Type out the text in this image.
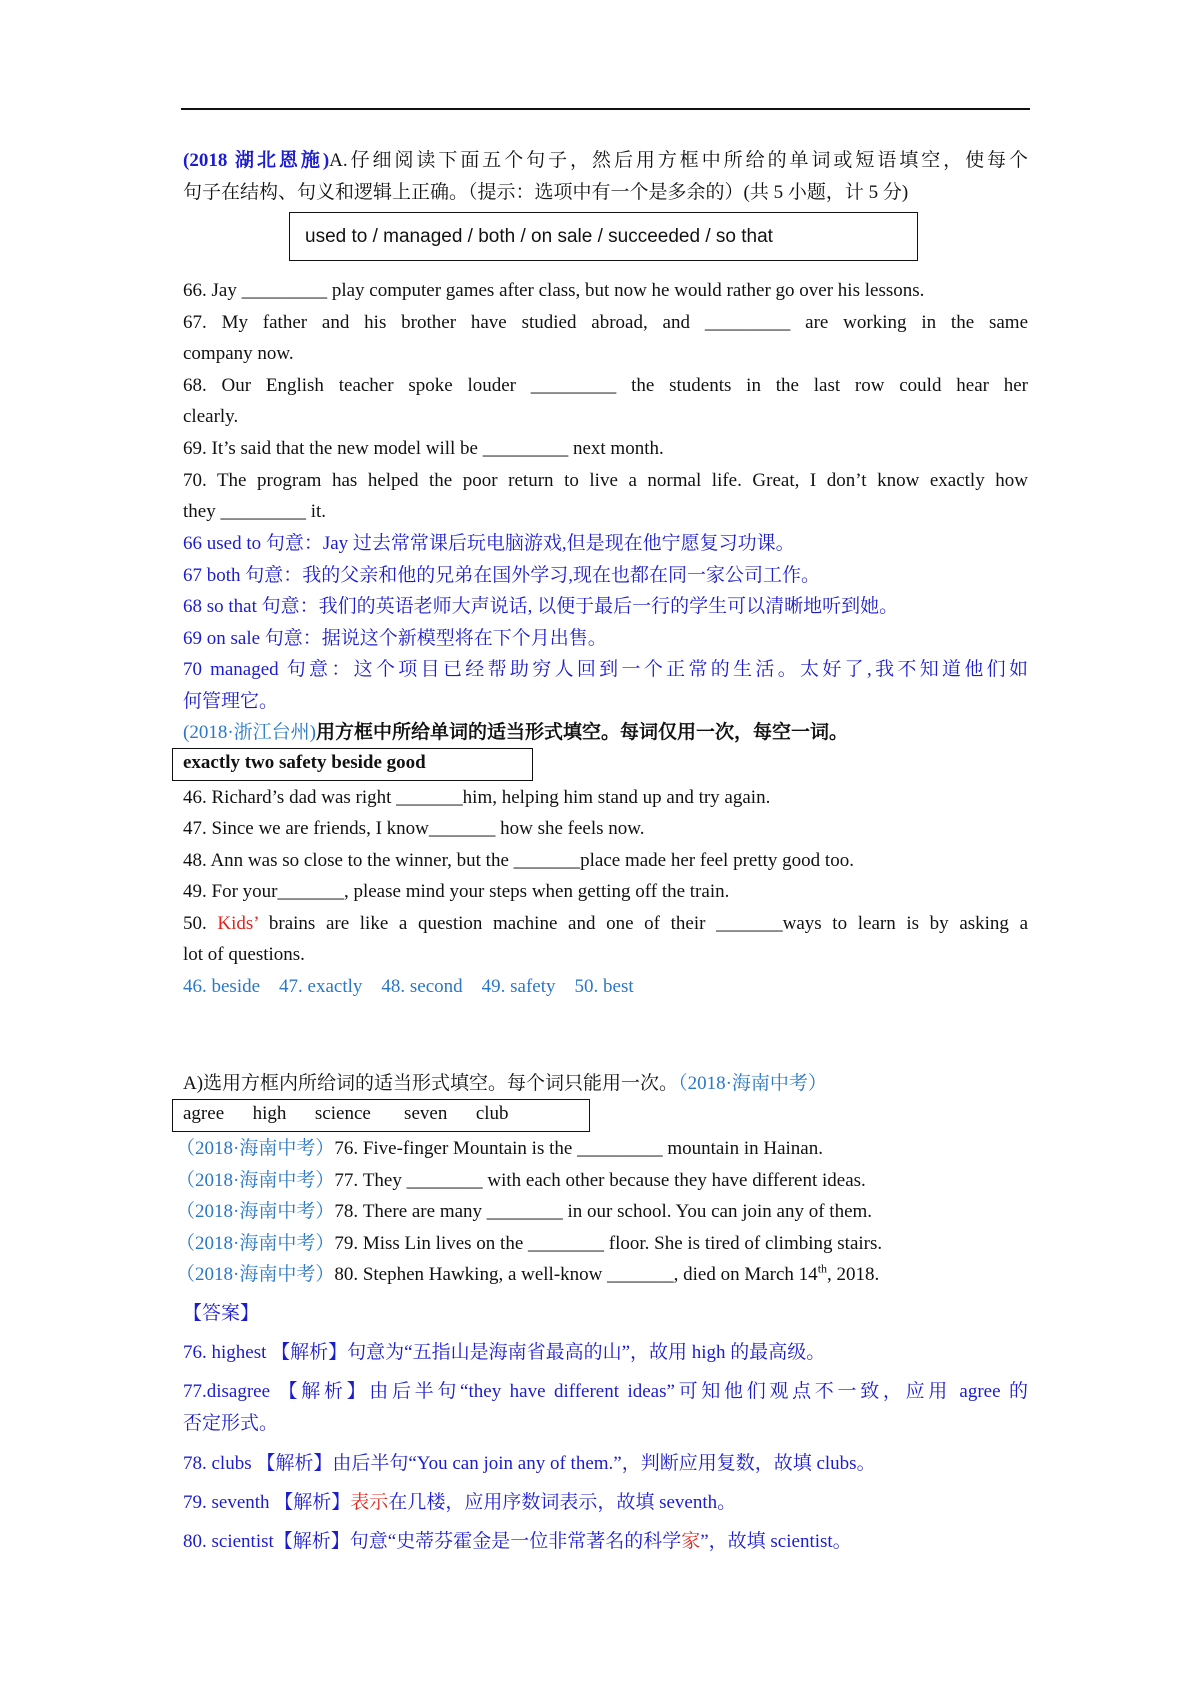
(2018 湖北恩施)A.仔细阅读下面五个句子，然后用方框中所给的单词或短语填空，使每个
句子在结构、句义和逻辑上正确。（提示：选项中有一个是多余的）(共 5 小题，计 5 分)
used to / managed / both / on sale / succeeded / so that
66. Jay _________ play computer games after class, but now he would rather go over his lessons.
67. My father and his brother have studied abroad, and _________ are working in the same
company now.
68. Our English teacher spoke louder _________ the students in the last row could hear her
clearly.
69. It’s said that the new model will be _________ next month.
70. The program has helped the poor return to live a normal life. Great, I don’t know exactly how
they _________ it.
66 used to 句意：Jay 过去常常课后玩电脑游戏,但是现在他宁愿复习功课。
67 both 句意：我的父亲和他的兄弟在国外学习,现在也都在同一家公司工作。
68 so that 句意：我们的英语老师大声说话, 以便于最后一行的学生可以清晰地听到她。
69 on sale 句意：据说这个新模型将在下个月出售。
70 managed 句意：这个项目已经帮助穷人回到一个正常的生活。太好了,我不知道他们如
何管理它。
(2018·浙江台州)用方框中所给单词的适当形式填空。每词仅用一次，每空一词。
exactly two safety beside good
46. Richard’s dad was right _______him, helping him stand up and try again.
47. Since we are friends, I know_______ how she feels now.
48. Ann was so close to the winner, but the _______place made her feel pretty good too.
49. For your_______, please mind your steps when getting off the train.
50. Kids’ brains are like a question machine and one of their _______ways to learn is by asking a
lot of questions.
46. beside    47. exactly    48. second    49. safety    50. best
A)选用方框内所给词的适当形式填空。每个词只能用一次。（2018·海南中考）
agree      high      science       seven      club
（2018·海南中考）76. Five-finger Mountain is the _________ mountain in Hainan.
（2018·海南中考）77. They ________ with each other because they have different ideas.
（2018·海南中考）78. There are many ________ in our school. You can join any of them.
（2018·海南中考）79. Miss Lin lives on the ________ floor. She is tired of climbing stairs.
（2018·海南中考）80. Stephen Hawking, a well-know _______, died on March 14th, 2018.
【答案】
76. highest 【解析】句意为“五指山是海南省最高的山”，故用 high 的最高级。
77.disagree 【解析】由后半句“they have different ideas”可知他们观点不一致，应用 agree 的
否定形式。
78. clubs 【解析】由后半句“You can join any of them.”，判断应用复数，故填 clubs。
79. seventh 【解析】表示在几楼，应用序数词表示，故填 seventh。
80. scientist【解析】句意“史蒂芬霍金是一位非常著名的科学家”，故填 scientist。
